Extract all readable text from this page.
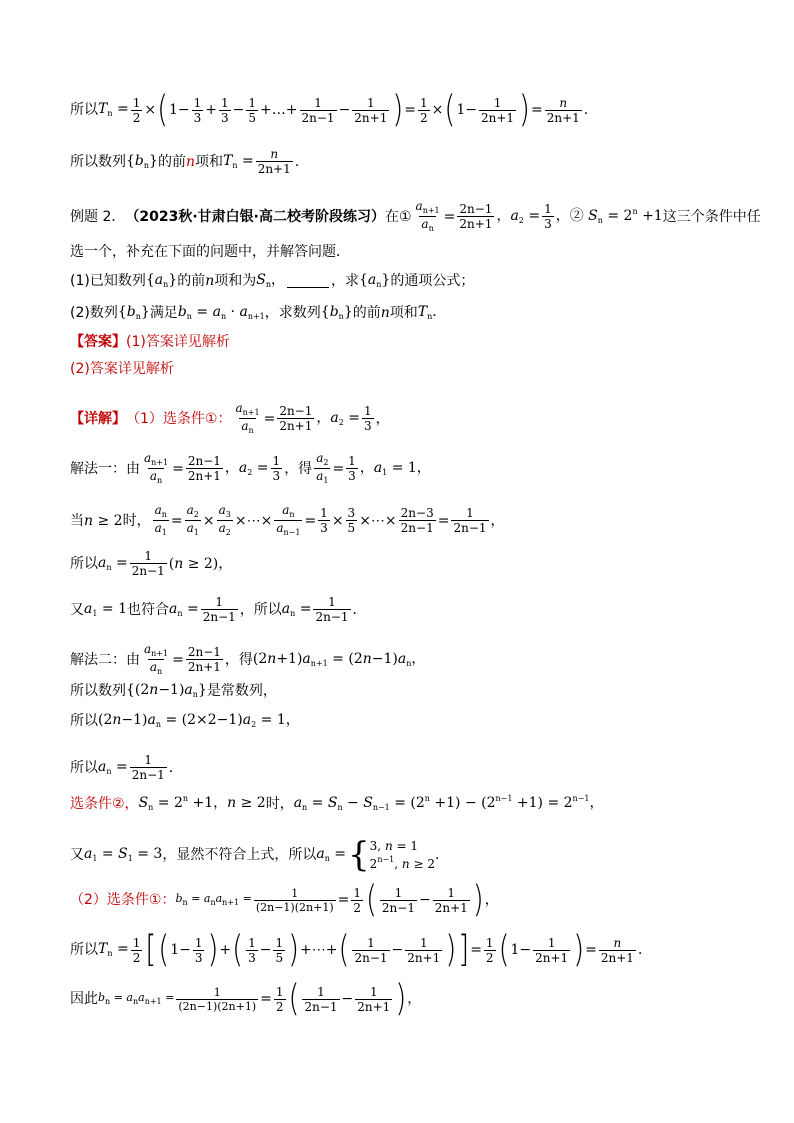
所以 $T_n = \frac{1}{2}$ × ( $1- \frac{1}{3} + \frac{1}{3} - \frac{1}{5}$ +…+ $\frac{1}{2n-1} - \frac{1}{2n+1}$ ) = $\frac{1}{2}$ × ( $1- \frac{1}{2n+1}$ ) = $\frac{n}{2n+1}$ .
所以数列 $\{b_n\}$ 的前 n 项和 $T_n = \frac{n}{2n+1}$ .
例题 2． （2023秋·甘肃白银·高二校考阶段练习） 在① $\frac{a_{n+1}}{a_n} = \frac{2n-1}{2n+1}$ ，$a_2 = \frac{1}{3}$ ，② $S_n = 2^n +1$ 这三个条件中任
选一个，补充在下面的问题中，并解答问题．
(1)已知数列 $\{a_n\}$ 的前 n 项和为 $S_n$，	，求 $\{a_n\}$ 的通项公式；
(2)数列 $\{b_n\}$ 满足 $b_n = a_n \cdot a_{n+1}$ ，求数列 $\{b_n\}$ 的前 n 项和 $T_n$．
【答案】 (1)答案详见解析
(2)答案详见解析
【详解】 （1）选条件①： $\frac{a_{n+1}}{a_n} = \frac{2n-1}{2n+1}$ ，$a_2 = \frac{1}{3}$ ，
解法一：由 $\frac{a_{n+1}}{a_n} = \frac{2n-1}{2n+1}$ ，$a_2 = \frac{1}{3}$ ，得 $\frac{a_2}{a_1} = \frac{1}{3}$ ，$a_1 = 1$，
当 n ≥ 2 时， $\frac{a_n}{a_1} = \frac{a_2}{a_1} \times \frac{a_3}{a_2}$ ×⋯× $\frac{a_n}{a_{n-1}} = \frac{1}{3} \times \frac{3}{5}$ ×⋯× $\frac{2n-3}{2n-1} = \frac{1}{2n-1}$ ，
所以 $a_n = \frac{1}{2n-1} (n \ge 2)$，
又 $a_1 = 1$ 也符合 $a_n = \frac{1}{2n-1}$ ，所以 $a_n = \frac{1}{2n-1}$ ．
解法二：由 $\frac{a_{n+1}}{a_n} = \frac{2n-1}{2n+1}$ ，得 $(2n+1)a_{n+1} = (2n-1)a_n$，
所以数列 $\{(2n-1)a_n\}$ 是常数列，
所以 $(2n-1)a_n = (2\times 2-1)a_2 = 1$，
所以 $a_n = \frac{1}{2n-1}$ ．
选条件②， $S_n = 2^n +1$，n ≥ 2 时， $a_n = S_n - S_{n-1} = (2^n +1) - (2^{n-1} +1) = 2^{n-1}$，
又 $a_1 = S_1 = 3$ ，显然不符合上式，所以 $a_n$ = { 3, n = 1
$2^{n-1}$, n ≥ 2
.
（2）选条件①： $b_n = a_na_{n+1} = \frac{1}{(2n-1)(2n+1)} = \frac{1}{2}$ ( $\frac{1}{2n-1} - \frac{1}{2n+1}$ ) ，
所以 $T_n = \frac{1}{2}$ [ ( $1- \frac{1}{3}$ ) + ( $\frac{1}{3} - \frac{1}{5}$ ) +⋯+ ( $\frac{1}{2n-1} - \frac{1}{2n+1}$ ) ] = $\frac{1}{2}$ ( $1- \frac{1}{2n+1}$ ) = $\frac{n}{2n+1}$ ．
因此 $b_n = a_na_{n+1} = \frac{1}{(2n-1)(2n+1)} = \frac{1}{2}$ ( $\frac{1}{2n-1} - \frac{1}{2n+1}$ ) ，
